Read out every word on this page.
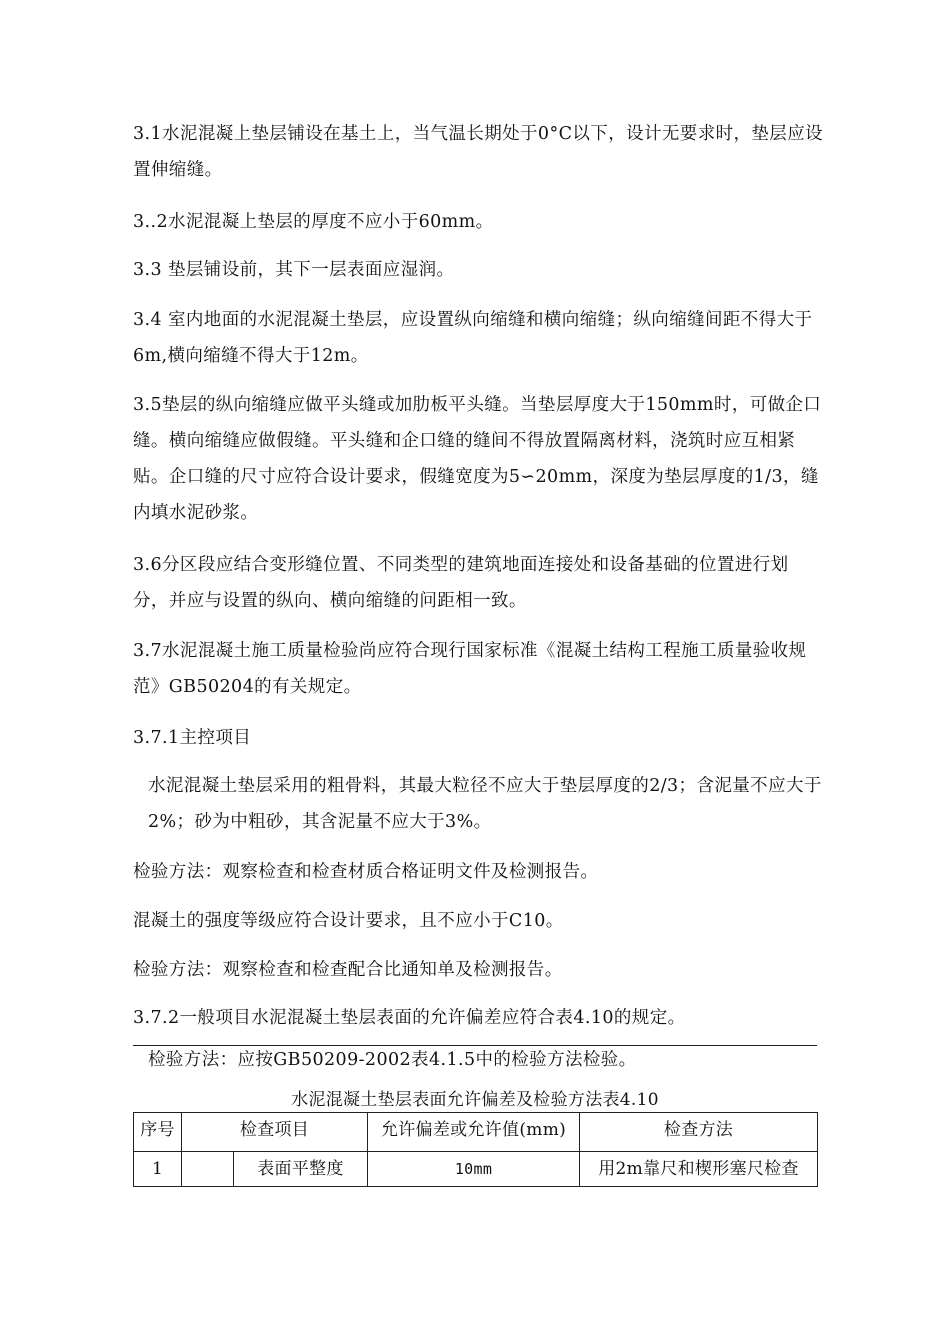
3.1水泥混凝上垫层铺设在基土上，当气温长期处于0°C以下，设计无要求时，垫层应设置伸缩缝。

3..2水泥混凝上垫层的厚度不应小于60mm。

3.3 垫层铺设前，其下一层表面应湿润。

3.4 室内地面的水泥混凝土垫层，应设置纵向缩缝和横向缩缝；纵向缩缝间距不得大于6m,横向缩缝不得大于12m。

3.5垫层的纵向缩缝应做平头缝或加肋板平头缝。当垫层厚度大于150mm时，可做企口缝。横向缩缝应做假缝。平头缝和企口缝的缝间不得放置隔离材料，浇筑时应互相紧贴。企口缝的尺寸应符合设计要求，假缝宽度为5∽20mm，深度为垫层厚度的1/3，缝内填水泥砂浆。

3.6分区段应结合变形缝位置、不同类型的建筑地面连接处和设备基础的位置进行划分，并应与设置的纵向、横向缩缝的问距相一致。

3.7水泥混凝土施工质量检验尚应符合现行国家标准《混凝土结构工程施工质量验收规范》GB50204的有关规定。

3.7.1主控项目

水泥混凝土垫层采用的粗骨料，其最大粒径不应大于垫层厚度的2/3；含泥量不应大于2%；砂为中粗砂，其含泥量不应大于3%。

检验方法：观察检查和检查材质合格证明文件及检测报告。

混凝土的强度等级应符合设计要求，且不应小于C10。

检验方法：观察检查和检查配合比通知单及检测报告。

3.7.2一般项目水泥混凝土垫层表面的允许偏差应符合表4.10的规定。

检验方法：应按GB50209-2002表4.1.5中的检验方法检验。

水泥混凝土垫层表面允许偏差及检验方法表4.10
序号	检查项目		允许偏差或允许值(mm)	检查方法

1		表面平整度	10mm	用2m靠尺和楔形塞尺检查
